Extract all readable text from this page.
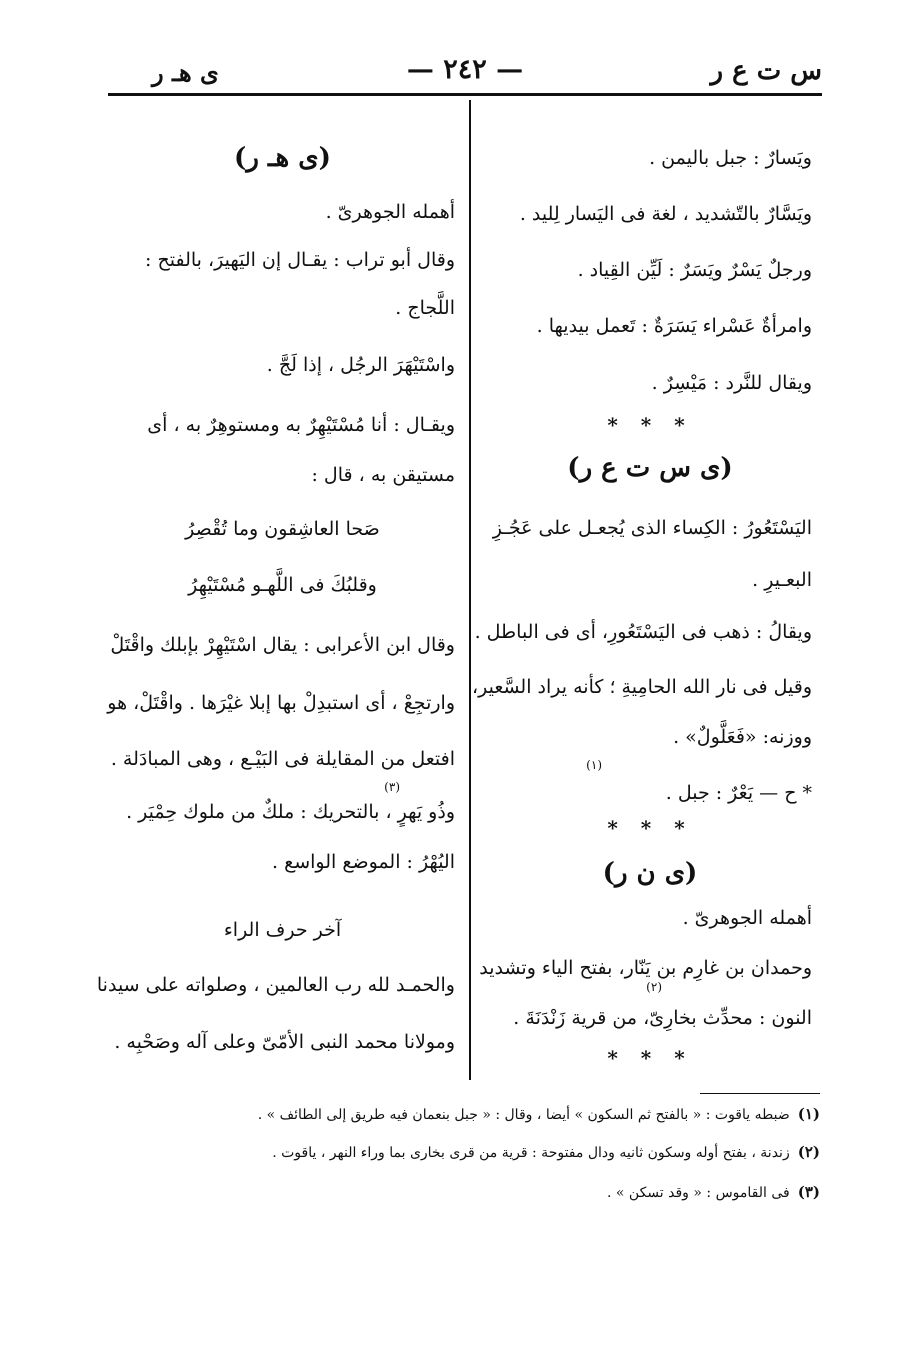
س ت ع ر
— ٢٤٢ —
ى هـ ر
ويَسارٌ : جبل باليمن .
ويَسَّارٌ بالتّشديد ، لغة فى اليَسار لِليد .
ورجلٌ يَسْرٌ ويَسَرٌ : لَيِّن القِياد .
وامرأةٌ عَسْراء يَسَرَةٌ : تَعمل بيديها .
ويقال للنَّرد : مَيْسِرٌ .
* * *
(ى س ت ع ر)
اليَسْتَعُورُ : الكِساء الذى يُجعـل على عَجُـزِ
البعـيرِ .
ويقالُ : ذهب فى اليَسْتَعُورِ، أى فى الباطل .
وقيل فى نار الله الحامِيةِ ؛ كأنه يراد السَّعير،
ووزنه: «فَعَلَّولٌ» .
(١)
* ح — يَعْرٌ : جبل .
* * *
(ى ن ر)
أهمله الجوهرىّ .
وحمدان بن غارِم بن يَنّار، بفتح الياء وتشديد
(٢)
النون : محدِّث بخارِىّ، من قرية زَنْدَنَةَ .
* * *
(ى هـ ر)
أهمله الجوهرىّ .
وقال أبو تراب : يقـال إن اليَهيرَ، بالفتح :
اللَّجاج .
واسْتَيْهَرَ الرجُل ، إذا لَجَّ .
ويقـال : أنا مُسْتَيْهِرٌ به ومستوهِرٌ به ، أى
مستيقن به ، قال :
صَحا العاشِقون وما تُقْصِرُ
وقلبُكَ فى اللَّهـو مُسْتَيْهِرُ
وقال ابن الأعرابى : يقال اسْتَيْهِرْ بإبلك واقْتَلْ
وارتجِعْ ، أى استبدِلْ بها إبلا غيْرَها . واقْتَلْ، هو
افتعل من المقايلة فى البَيْـع ، وهى المبادَلة .
(٣)
وذُو يَهرٍ ، بالتحريك : ملكٌ من ملوك حِمْيَر .
اليُهْرُ : الموضع الواسع .
آخر حرف الراء
والحمـد لله رب العالمين ، وصلواته على سيدنا
ومولانا محمد النبى الأمّىّ وعلى آله وصَحْبِه .
(١)ضبطه ياقوت : « بالفتح ثم السكون » أيضا ، وقال : « جبل بنعمان فيه طريق إلى الطائف » .
(٢)زندنة ، بفتح أوله وسكون ثانيه ودال مفتوحة : قرية من قرى بخارى بما وراء النهر ، ياقوت .
(٣)فى القاموس : « وقد تسكن » .
